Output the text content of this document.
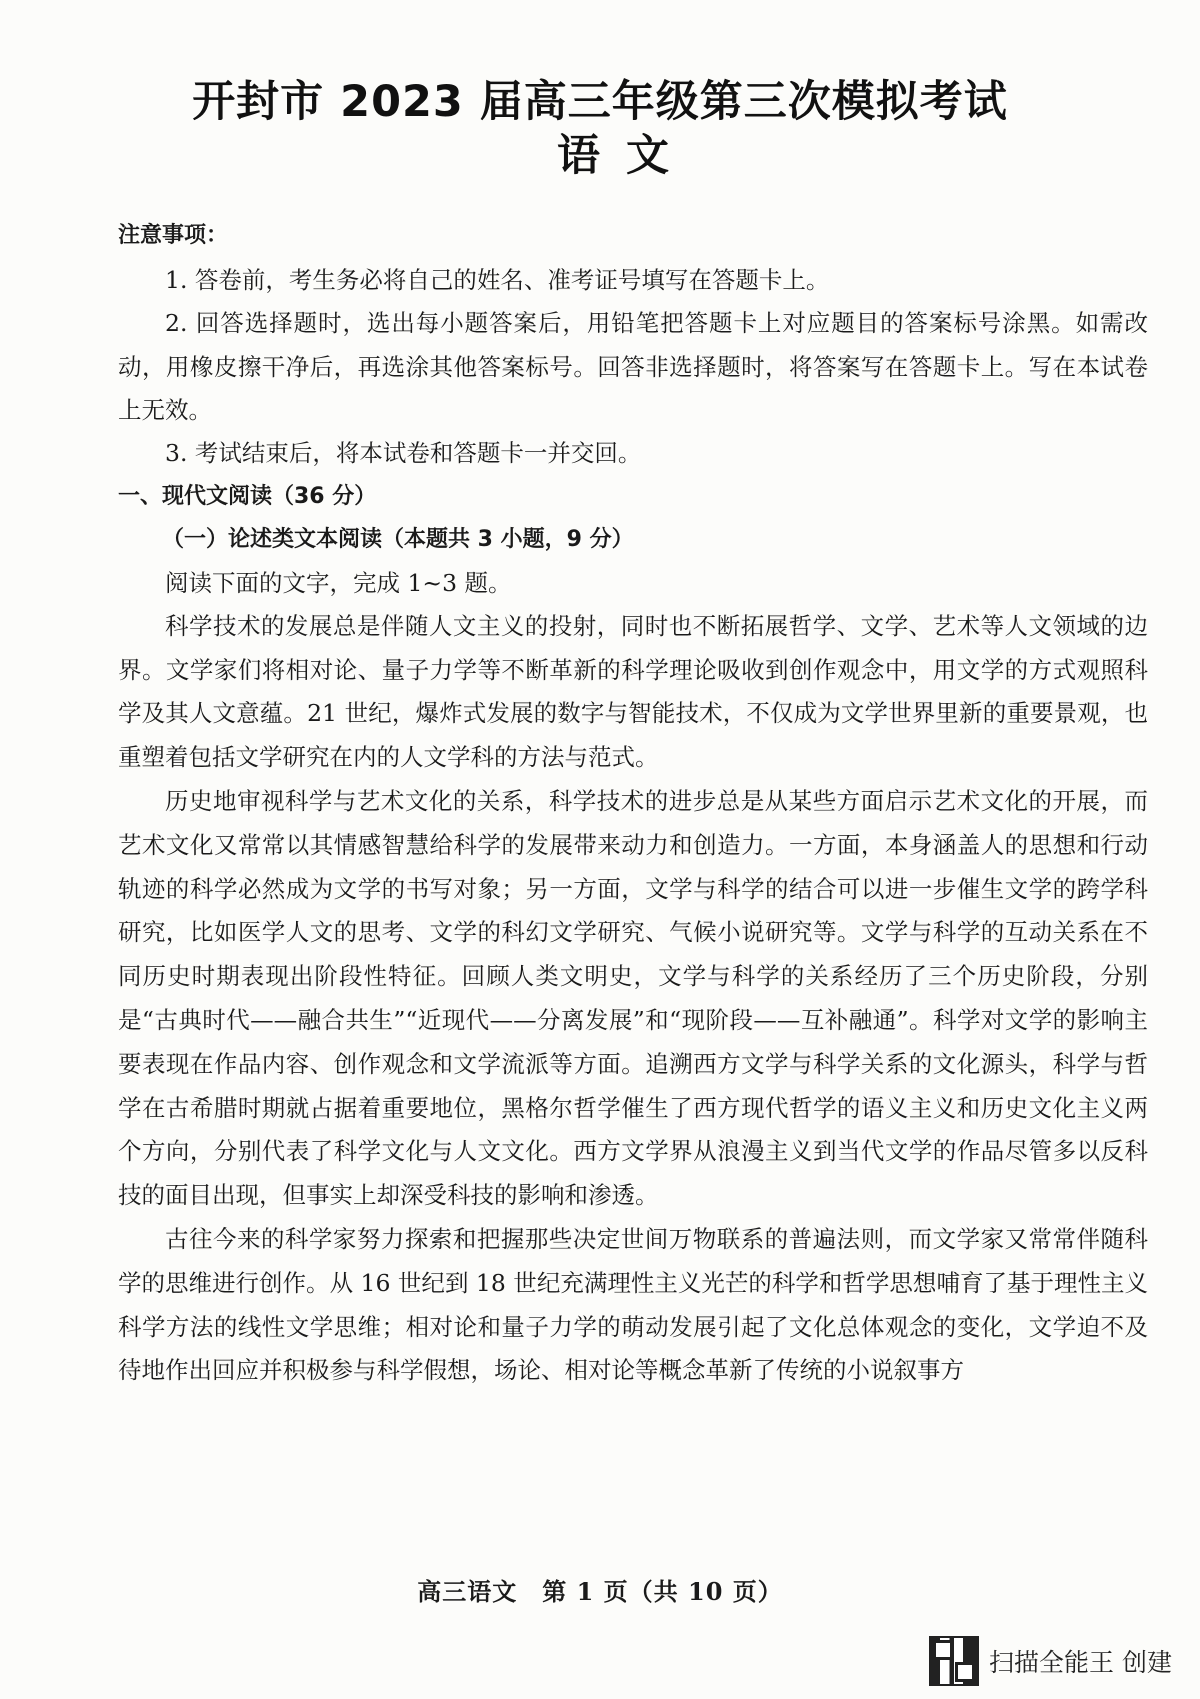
开封市 2023 届高三年级第三次模拟考试
语文

注意事项：

1. 答卷前，考生务必将自己的姓名、准考证号填写在答题卡上。

2. 回答选择题时，选出每小题答案后，用铅笔把答题卡上对应题目的答案标号涂黑。如需改动，用橡皮擦干净后，再选涂其他答案标号。回答非选择题时，将答案写在答题卡上。写在本试卷上无效。

3. 考试结束后，将本试卷和答题卡一并交回。

一、现代文阅读（36 分）

（一）论述类文本阅读（本题共 3 小题，9 分）

阅读下面的文字，完成 1~3 题。

科学技术的发展总是伴随人文主义的投射，同时也不断拓展哲学、文学、艺术等人文领域的边界。文学家们将相对论、量子力学等不断革新的科学理论吸收到创作观念中，用文学的方式观照科学及其人文意蕴。21 世纪，爆炸式发展的数字与智能技术，不仅成为文学世界里新的重要景观，也重塑着包括文学研究在内的人文学科的方法与范式。

历史地审视科学与艺术文化的关系，科学技术的进步总是从某些方面启示艺术文化的开展，而艺术文化又常常以其情感智慧给科学的发展带来动力和创造力。一方面，本身涵盖人的思想和行动轨迹的科学必然成为文学的书写对象；另一方面，文学与科学的结合可以进一步催生文学的跨学科研究，比如医学人文的思考、文学的科幻文学研究、气候小说研究等。文学与科学的互动关系在不同历史时期表现出阶段性特征。回顾人类文明史，文学与科学的关系经历了三个历史阶段，分别是“古典时代——融合共生”“近现代——分离发展”和“现阶段——互补融通”。科学对文学的影响主要表现在作品内容、创作观念和文学流派等方面。追溯西方文学与科学关系的文化源头，科学与哲学在古希腊时期就占据着重要地位，黑格尔哲学催生了西方现代哲学的语义主义和历史文化主义两个方向，分别代表了科学文化与人文文化。西方文学界从浪漫主义到当代文学的作品尽管多以反科技的面目出现，但事实上却深受科技的影响和渗透。

古往今来的科学家努力探索和把握那些决定世间万物联系的普遍法则，而文学家又常常伴随科学的思维进行创作。从 16 世纪到 18 世纪充满理性主义光芒的科学和哲学思想哺育了基于理性主义科学方法的线性文学思维；相对论和量子力学的萌动发展引起了文化总体观念的变化，文学迫不及待地作出回应并积极参与科学假想，场论、相对论等概念革新了传统的小说叙事方

高三语文　第 1 页（共 10 页）
扫描全能王 创建
